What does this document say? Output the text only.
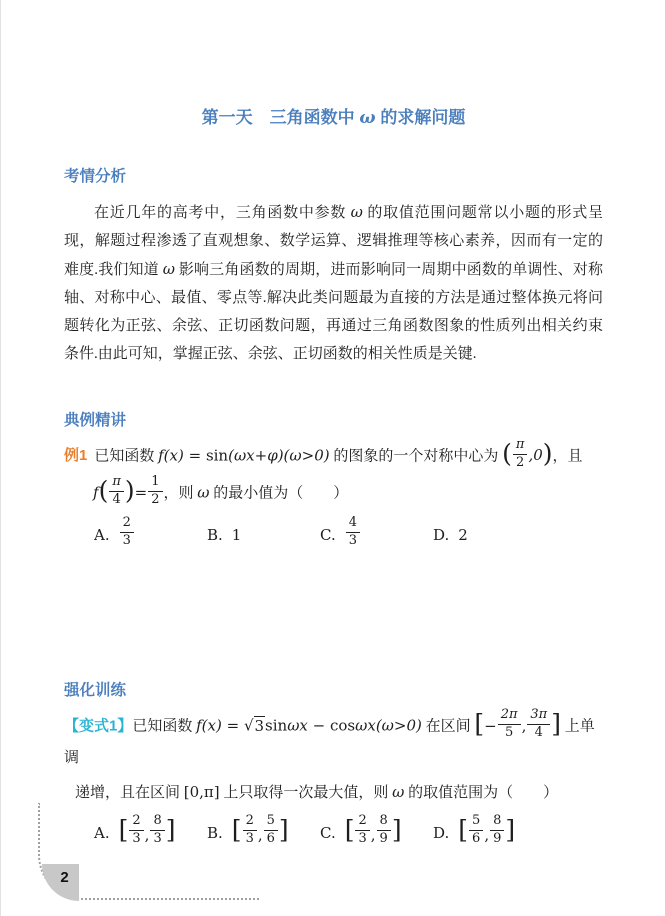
第一天　三角函数中 ω 的求解问题
考情分析

在近几年的高考中，三角函数中参数 ω 的取值范围问题常以小题的形式呈现，解题过程渗透了直观想象、数学运算、逻辑推理等核心素养，因而有一定的难度.我们知道 ω 影响三角函数的周期，进而影响同一周期中函数的单调性、对称轴、对称中心、最值、零点等.解决此类问题最为直接的方法是通过整体换元将问题转化为正弦、余弦、正切函数问题，再通过三角函数图象的性质列出相关约束条件.由此可知，掌握正弦、余弦、正切函数的相关性质是关键.

典例精讲
例1 已知函数 f(x) = sin(ωx+φ)(ω>0) 的图象的一个对称中心为 ( $\frac{\pi}{2} ,0$)，且
$f( \frac{\pi}{4}$ )= $\frac{1}{2}$ ，则 ω 的最小值为（　　）
A. $\frac{2}{3}$	B. 1	C. $\frac{4}{3}$	D. 2
强化训练
【变式1】已知函数 f(x) = √3sinωx − cosωx(ω>0) 在区间 [− $\frac{2\pi}{5}$ , $\frac{3\pi}{4}$ ] 上单调
递增，且在区间 [0,π] 上只取得一次最大值，则 ω 的取值范围为（　　）
A. [ $\frac{2}{3}$ , $\frac{8}{3}$ ] B. [ $\frac{2}{3}$ , $\frac{5}{6}$ ] C. [ $\frac{2}{3}$ , $\frac{8}{9}$ ] D. [ $\frac{5}{6}$ , $\frac{8}{9}$ ]
2
